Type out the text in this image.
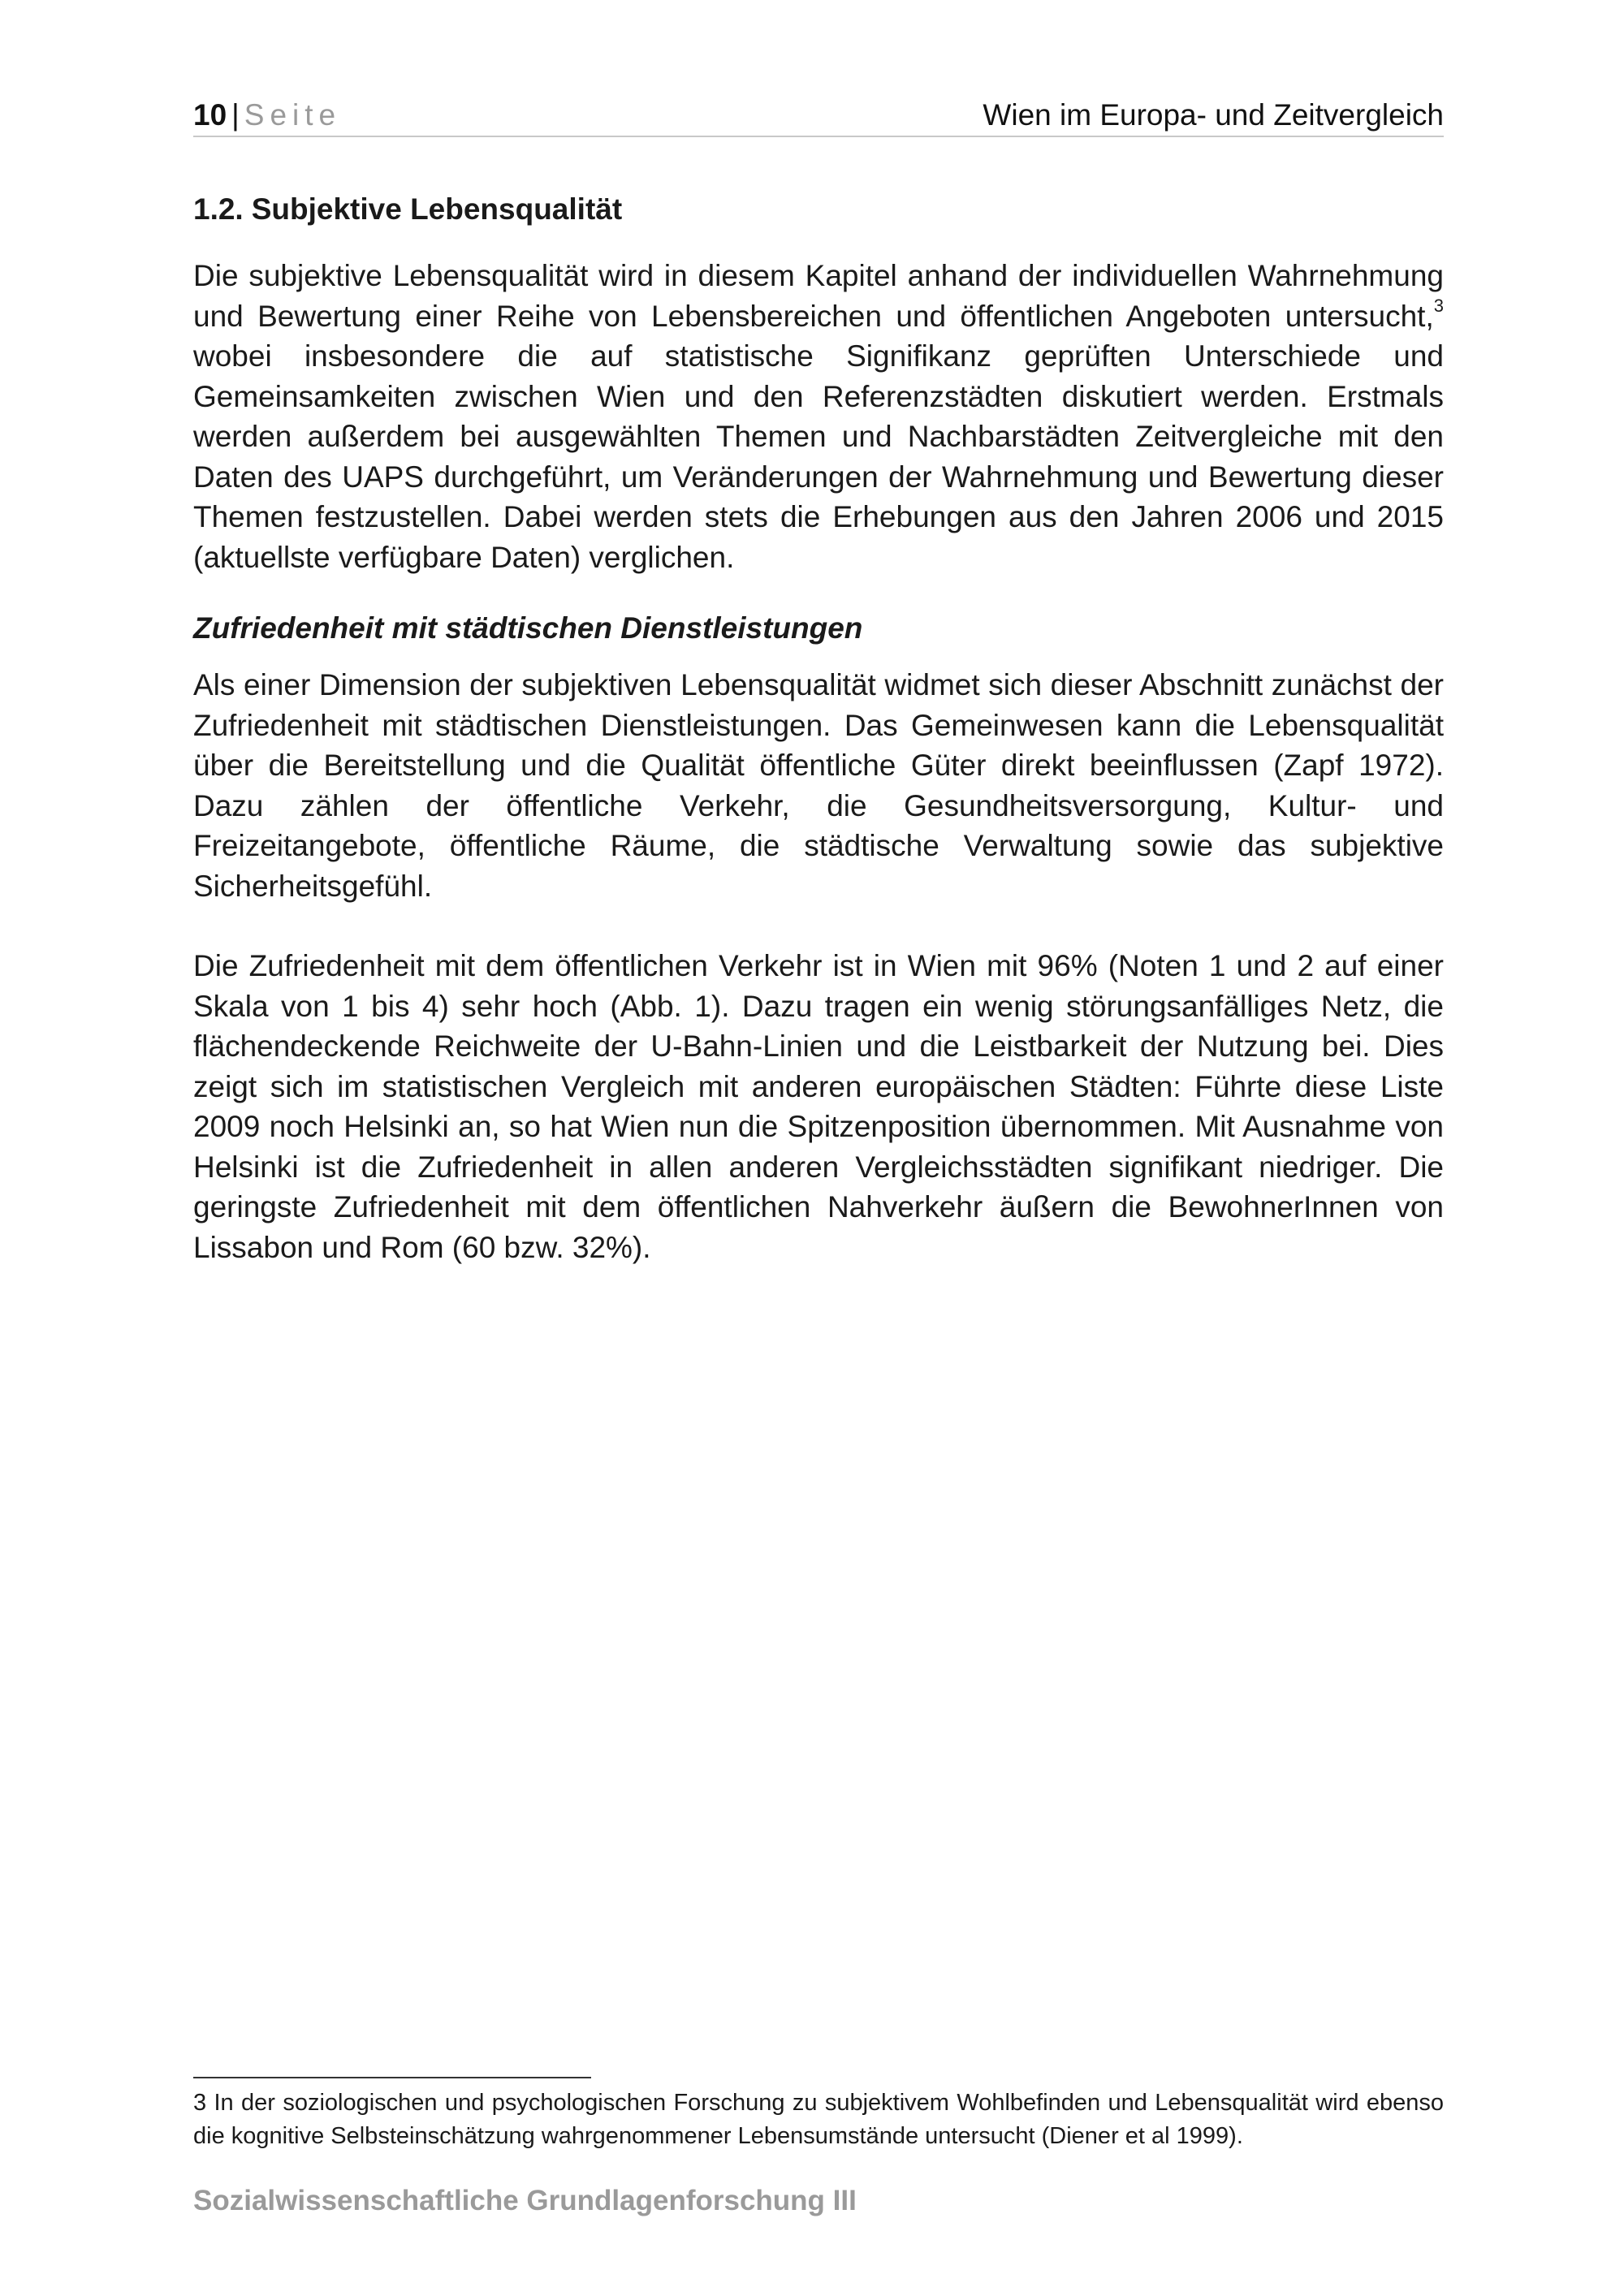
10 | Seite	Wien im Europa- und Zeitvergleich
1.2. Subjektive Lebensqualität

Die subjektive Lebensqualität wird in diesem Kapitel anhand der individuellen Wahrnehmung und Bewertung einer Reihe von Lebensbereichen und öffentlichen Angeboten untersucht,$^3$ wobei insbesondere die auf statistische Signifikanz geprüften Unterschiede und Gemeinsamkeiten zwischen Wien und den Referenzstädten diskutiert werden. Erstmals werden außerdem bei ausgewählten Themen und Nachbarstädten Zeitvergleiche mit den Daten des UAPS durchgeführt, um Veränderungen der Wahrnehmung und Bewertung dieser Themen festzustellen. Dabei werden stets die Erhebungen aus den Jahren 2006 und 2015 (aktuellste verfügbare Daten) verglichen.

Zufriedenheit mit städtischen Dienstleistungen

Als einer Dimension der subjektiven Lebensqualität widmet sich dieser Abschnitt zunächst der Zufriedenheit mit städtischen Dienstleistungen. Das Gemeinwesen kann die Lebensqualität über die Bereitstellung und die Qualität öffentliche Güter direkt beeinflussen (Zapf 1972). Dazu zählen der öffentliche Verkehr, die Gesundheitsversorgung, Kultur- und Freizeitangebote, öffentliche Räume, die städtische Verwaltung sowie das subjektive Sicherheitsgefühl.

Die Zufriedenheit mit dem öffentlichen Verkehr ist in Wien mit 96% (Noten 1 und 2 auf einer Skala von 1 bis 4) sehr hoch (Abb. 1). Dazu tragen ein wenig störungsanfälliges Netz, die flächendeckende Reichweite der U-Bahn-Linien und die Leistbarkeit der Nutzung bei. Dies zeigt sich im statistischen Vergleich mit anderen europäischen Städten: Führte diese Liste 2009 noch Helsinki an, so hat Wien nun die Spitzenposition übernommen. Mit Ausnahme von Helsinki ist die Zufriedenheit in allen anderen Vergleichsstädten signifikant niedriger. Die geringste Zufriedenheit mit dem öffentlichen Nahverkehr äußern die BewohnerInnen von Lissabon und Rom (60 bzw. 32%).

3 In der soziologischen und psychologischen Forschung zu subjektivem Wohlbefinden und Lebensqualität wird ebenso die kognitive Selbsteinschätzung wahrgenommener Lebensumstände untersucht (Diener et al 1999).
Sozialwissenschaftliche Grundlagenforschung III
